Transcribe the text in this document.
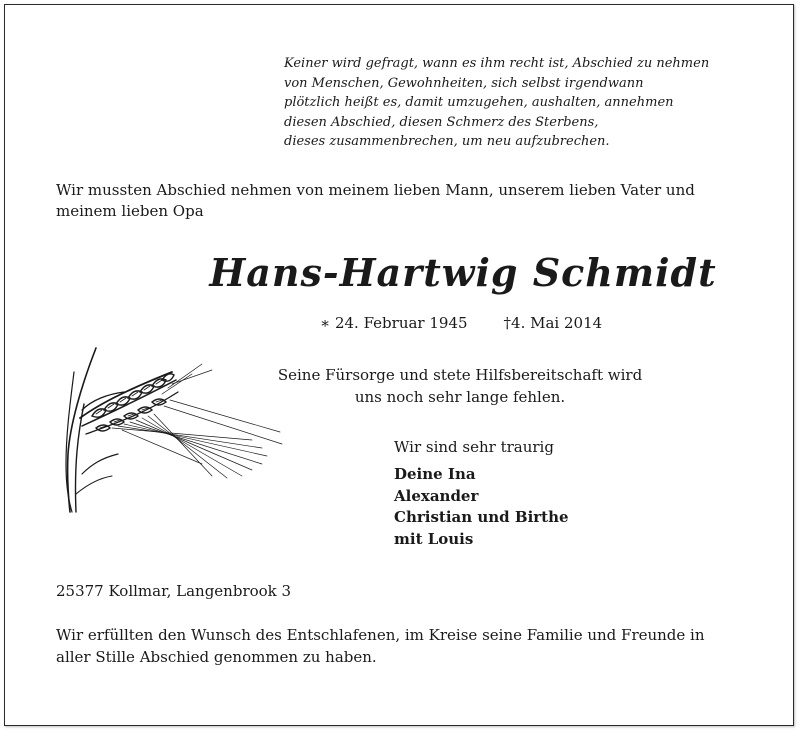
Keiner wird gefragt, wann es ihm recht ist, Abschied zu nehmen
von Menschen, Gewohnheiten, sich selbst irgendwann
plötzlich heißt es, damit umzugehen, aushalten, annehmen
diesen Abschied, diesen Schmerz des Sterbens,
dieses zusammenbrechen, um neu aufzubrechen.
Wir mussten Abschied nehmen von meinem lieben Mann, unserem lieben Vater und
meinem lieben Opa
Hans-Hartwig Schmidt
∗ 24. Februar 1945 †4. Mai 2014
Seine Fürsorge und stete Hilfsbereitschaft wird
uns noch sehr lange fehlen.
Wir sind sehr traurig
Deine Ina
Alexander
Christian und Birthe
mit Louis
25377 Kollmar, Langenbrook 3
Wir erfüllten den Wunsch des Entschlafenen, im Kreise seine Familie und Freunde in
aller Stille Abschied genommen zu haben.
